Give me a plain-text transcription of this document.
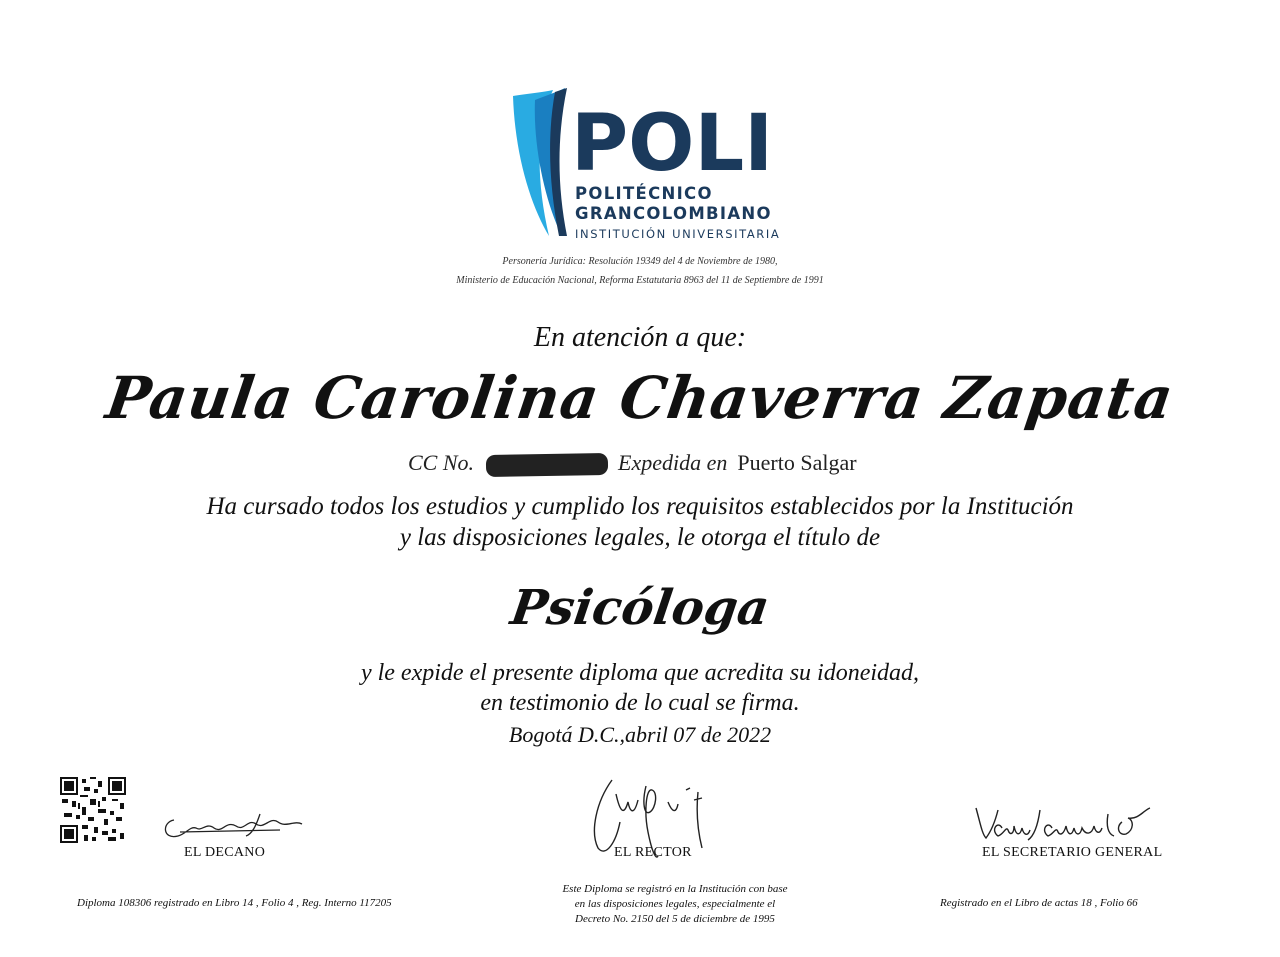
POLI
POLITÉCNICO
GRANCOLOMBIANO
INSTITUCIÓN UNIVERSITARIA
Personería Jurídica: Resolución 19349 del 4 de Noviembre de 1980,
Ministerio de Educación Nacional, Reforma Estatutaria 8963 del 11 de Septiembre de 1991
En atención a que:
Paula Carolina Chaverra Zapata
CC No.	Expedida en Puerto Salgar
Ha cursado todos los estudios y cumplido los requisitos establecidos por la Institución
y las disposiciones legales, le otorga el título de
Psicóloga
y le expide el presente diploma que acredita su idoneidad,
en testimonio de lo cual se firma.
Bogotá D.C.,abril 07 de 2022
EL DECANO	EL RECTOR	EL SECRETARIO GENERAL
Diploma 108306 registrado en Libro 14 , Folio 4 , Reg. Interno 117205
Este Diploma se registró en la Institución con base
en las disposiciones legales, especialmente el
Decreto No. 2150 del 5 de diciembre de 1995
Registrado en el Libro de actas 18 , Folio 66
